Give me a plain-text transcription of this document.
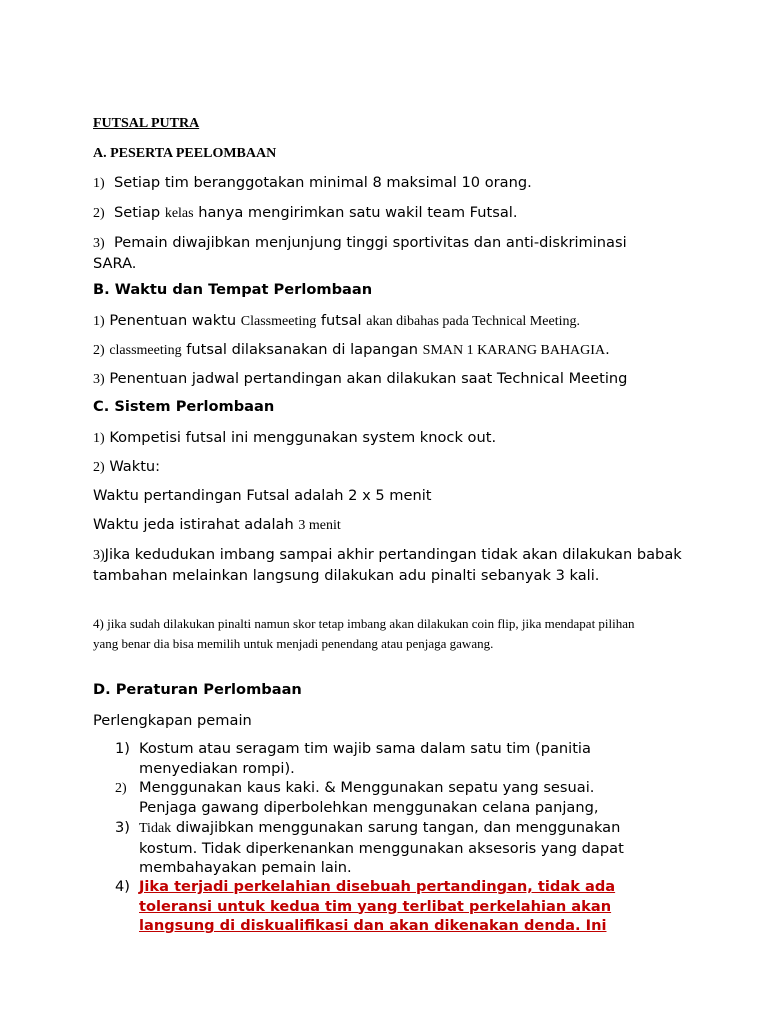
FUTSAL PUTRA
A. PESERTA PEELOMBAAN
1) Setiap tim beranggotakan minimal 8 maksimal 10 orang.
2) Setiap kelas hanya mengirimkan satu wakil team Futsal.
3) Pemain diwajibkan menjunjung tinggi sportivitas dan anti-diskriminasi SARA.
B. Waktu dan Tempat Perlombaan
1) Penentuan waktu Classmeeting futsal akan dibahas pada Technical Meeting.
2) classmeeting futsal dilaksanakan di lapangan SMAN 1 KARANG BAHAGIA.
3) Penentuan jadwal pertandingan akan dilakukan saat Technical Meeting
C. Sistem Perlombaan
1) Kompetisi futsal ini menggunakan system knock out.
2) Waktu:
Waktu pertandingan Futsal adalah 2 x 5 menit
Waktu jeda istirahat adalah 3 menit
3)Jika kedudukan imbang sampai akhir pertandingan tidak akan dilakukan babak tambahan melainkan langsung dilakukan adu pinalti sebanyak 3 kali.
4) jika sudah dilakukan pinalti namun skor tetap imbang akan dilakukan coin flip, jika mendapat pilihan yang benar dia bisa memilih untuk menjadi penendang atau penjaga gawang.
D. Peraturan Perlombaan
Perlengkapan pemain
1) Kostum atau seragam tim wajib sama dalam satu tim (panitia menyediakan rompi).
2) Menggunakan kaus kaki. & Menggunakan sepatu yang sesuai. Penjaga gawang diperbolehkan menggunakan celana panjang,
3) Tidak diwajibkan menggunakan sarung tangan, dan menggunakan kostum. Tidak diperkenankan menggunakan aksesoris yang dapat membahayakan pemain lain.
4) Jika terjadi perkelahian disebuah pertandingan, tidak ada toleransi untuk kedua tim yang terlibat perkelahian akan langsung di diskualifikasi dan akan dikenakan denda. Ini
